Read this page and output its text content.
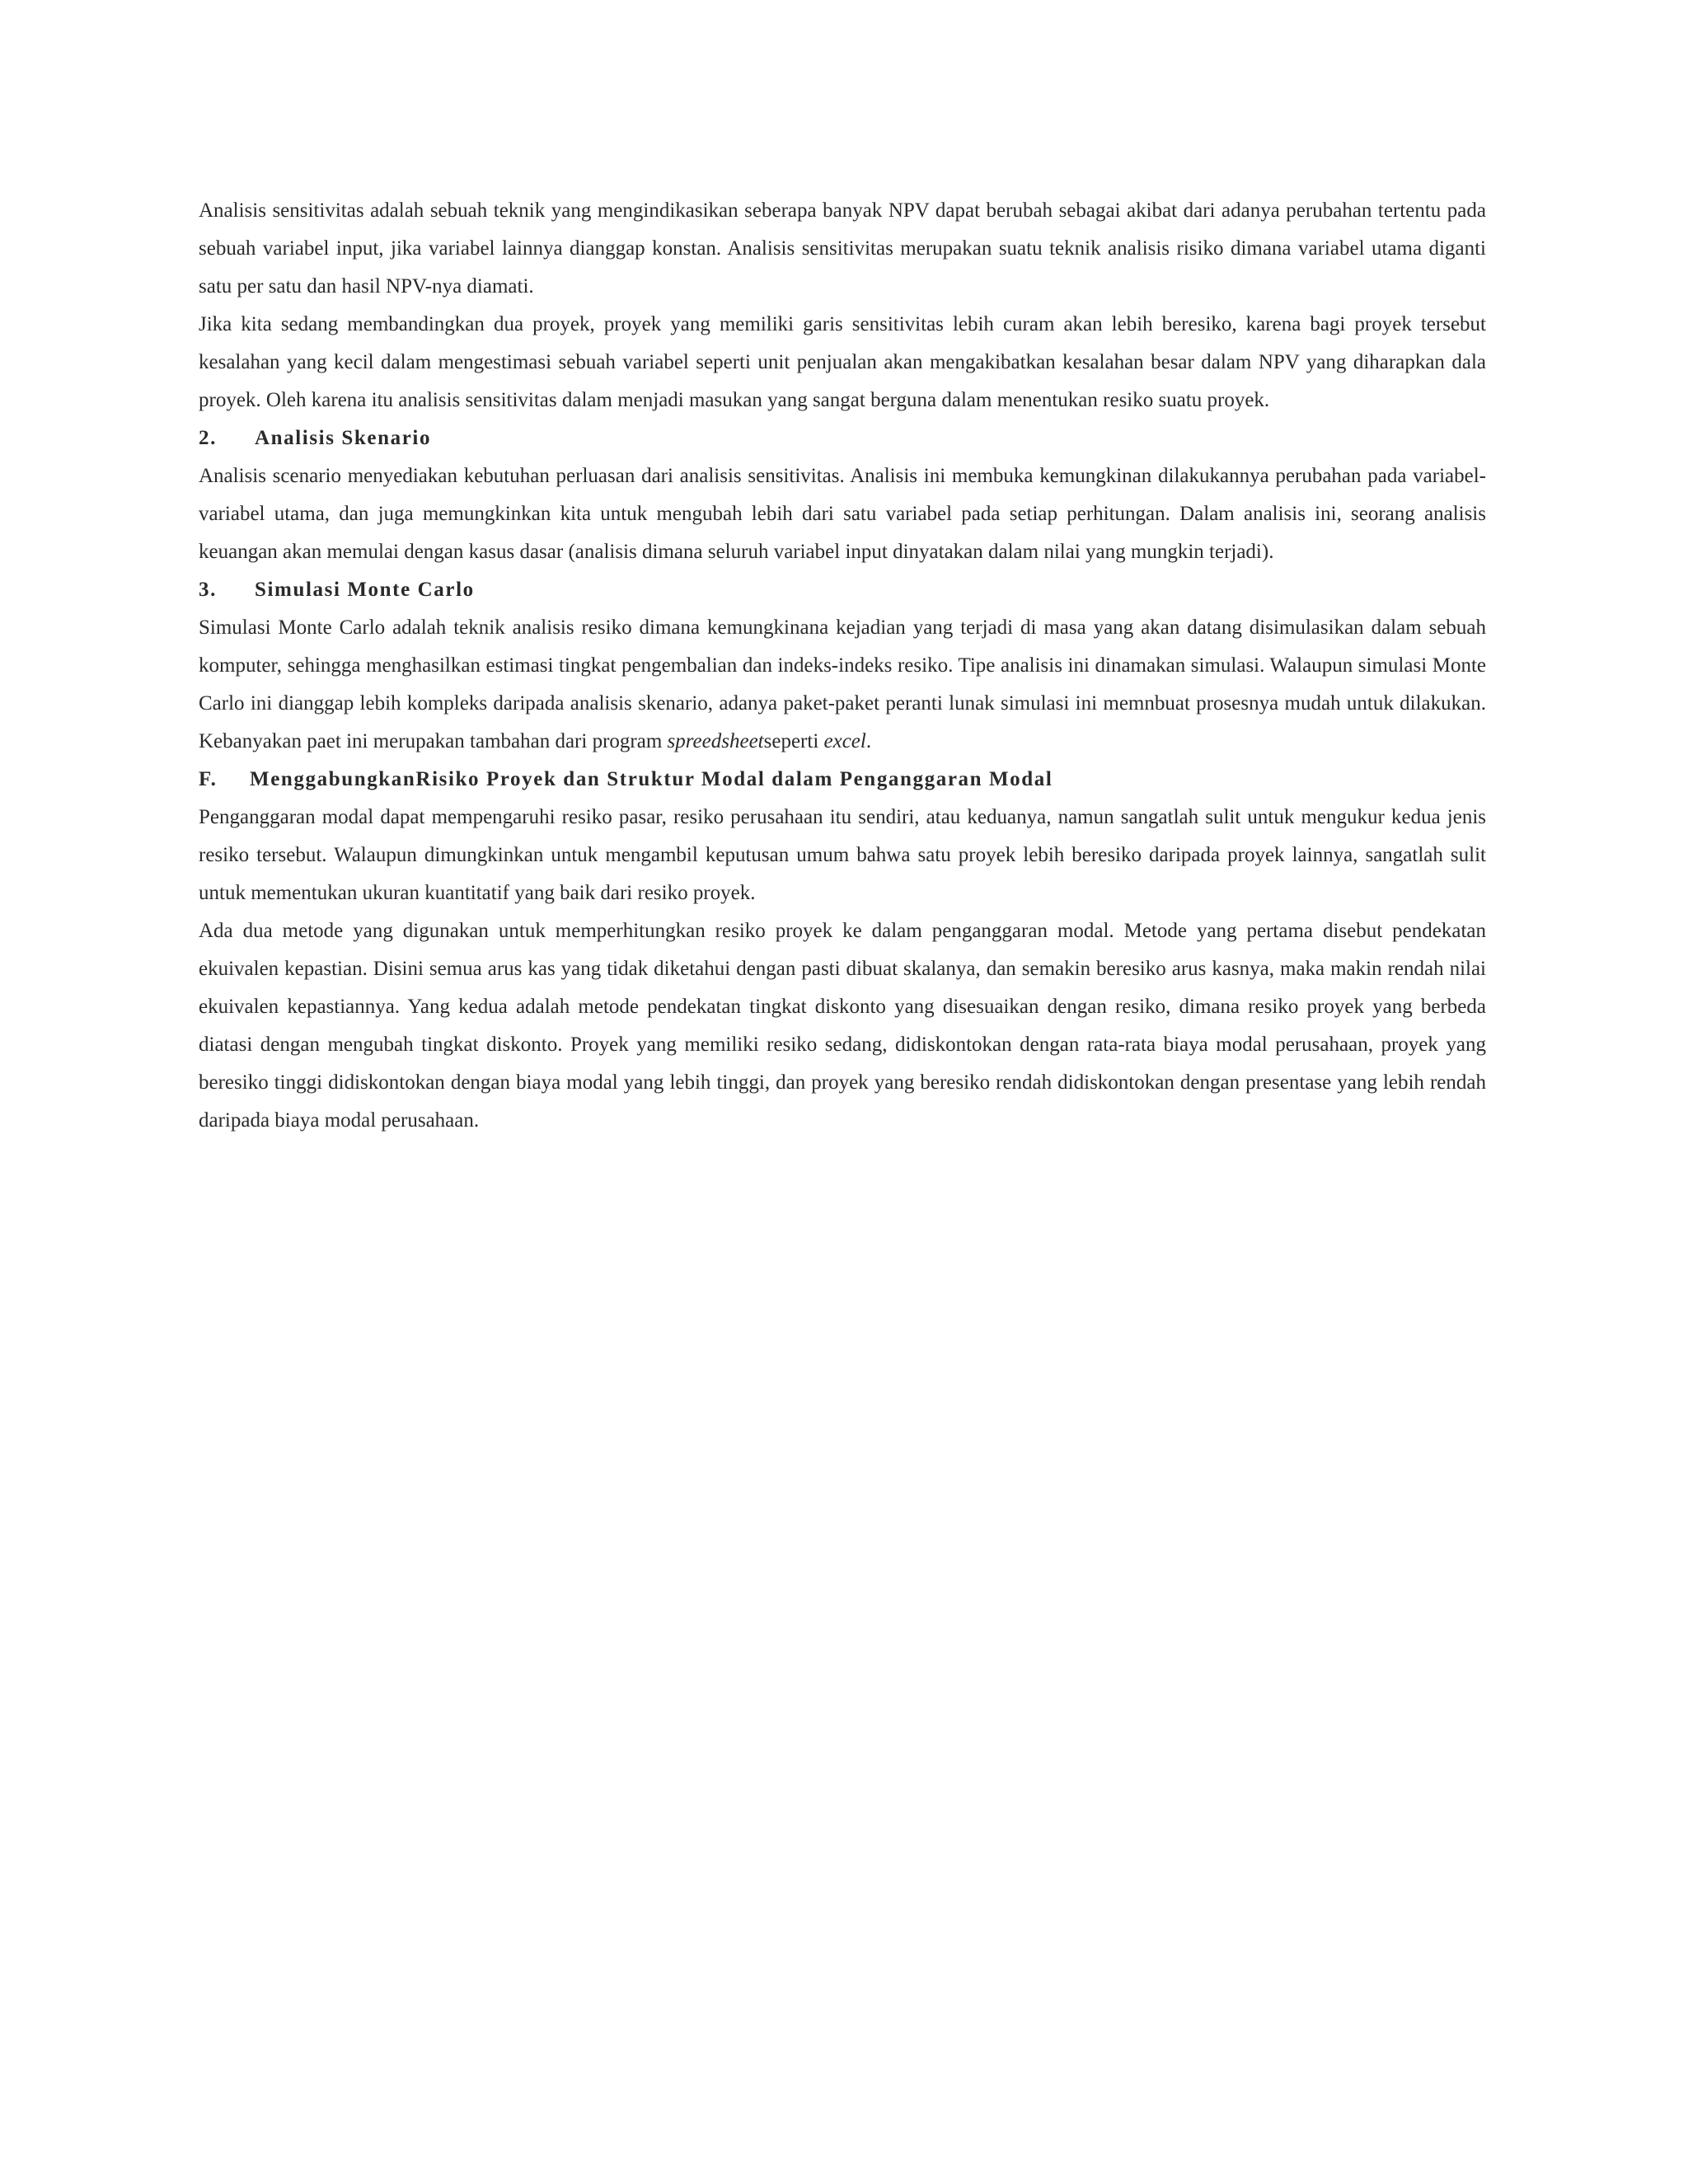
Analisis sensitivitas adalah sebuah teknik yang mengindikasikan seberapa banyak NPV dapat berubah sebagai akibat dari adanya perubahan tertentu pada sebuah variabel input, jika variabel lainnya dianggap konstan. Analisis sensitivitas merupakan suatu teknik analisis risiko dimana variabel utama diganti satu per satu dan hasil NPV-nya diamati.

Jika kita sedang membandingkan dua proyek, proyek yang memiliki garis sensitivitas lebih curam akan lebih beresiko, karena bagi proyek tersebut kesalahan yang kecil dalam mengestimasi sebuah variabel seperti unit penjualan akan mengakibatkan kesalahan besar dalam NPV yang diharapkan dala proyek. Oleh karena itu analisis sensitivitas dalam menjadi masukan yang sangat berguna dalam menentukan resiko suatu proyek.

2.	Analisis Skenario

Analisis scenario menyediakan kebutuhan perluasan dari analisis sensitivitas. Analisis ini membuka kemungkinan dilakukannya perubahan pada variabel-variabel utama, dan juga memungkinkan kita untuk mengubah lebih dari satu variabel pada setiap perhitungan. Dalam analisis ini, seorang analisis keuangan akan memulai dengan kasus dasar (analisis dimana seluruh variabel input dinyatakan dalam nilai yang mungkin terjadi).

3.	Simulasi Monte Carlo

Simulasi Monte Carlo adalah teknik analisis resiko dimana kemungkinana kejadian yang terjadi di masa yang akan datang disimulasikan dalam sebuah komputer, sehingga menghasilkan estimasi tingkat pengembalian dan indeks-indeks resiko. Tipe analisis ini dinamakan simulasi. Walaupun simulasi Monte Carlo ini dianggap lebih kompleks daripada analisis skenario, adanya paket-paket peranti lunak simulasi ini memnbuat prosesnya mudah untuk dilakukan. Kebanyakan paet ini merupakan tambahan dari program spreedsheetseperti excel.

F.	MenggabungkanRisiko Proyek dan Struktur Modal dalam Penganggaran Modal

Penganggaran modal dapat mempengaruhi resiko pasar, resiko perusahaan itu sendiri, atau keduanya, namun sangatlah sulit untuk mengukur kedua jenis resiko tersebut. Walaupun dimungkinkan untuk mengambil keputusan umum bahwa satu proyek lebih beresiko daripada proyek lainnya, sangatlah sulit untuk mementukan ukuran kuantitatif yang baik dari resiko proyek.

Ada dua metode yang digunakan untuk memperhitungkan resiko proyek ke dalam penganggaran modal. Metode yang pertama disebut pendekatan ekuivalen kepastian. Disini semua arus kas yang tidak diketahui dengan pasti dibuat skalanya, dan semakin beresiko arus kasnya, maka makin rendah nilai ekuivalen kepastiannya. Yang kedua adalah metode pendekatan tingkat diskonto yang disesuaikan dengan resiko, dimana resiko proyek yang berbeda diatasi dengan mengubah tingkat diskonto. Proyek yang memiliki resiko sedang, didiskontokan dengan rata-rata biaya modal perusahaan, proyek yang beresiko tinggi didiskontokan dengan biaya modal yang lebih tinggi, dan proyek yang beresiko rendah didiskontokan dengan presentase yang lebih rendah daripada biaya modal perusahaan.
